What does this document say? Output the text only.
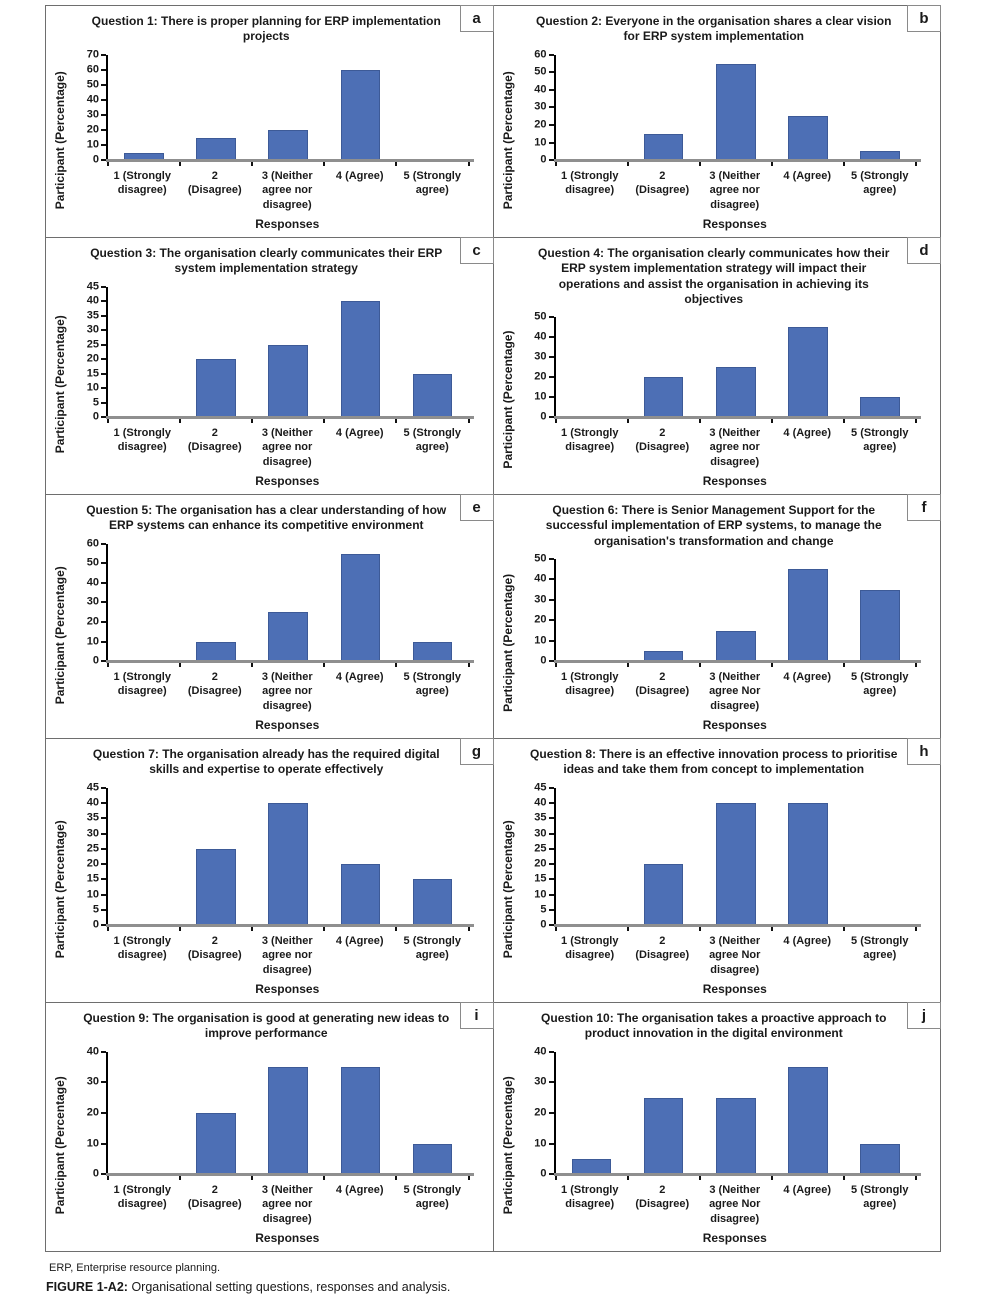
a
Question 1: There is proper planning for ERP implementation projects
Participant (Percentage) 0
10
20
30
40
50
60
70
1 (Strongly disagree)
2 (Disagree)
3 (Neither agree nor disagree)
4 (Agree)	5 (Strongly agree)
Responses
b
Question 2: Everyone in the organisation shares a clear vision for ERP system implementation
Participant (Percentage) 0
10
20
30
40
50
60
1 (Strongly disagree)
2 (Disagree)
3 (Neither agree nor disagree)
4 (Agree)	5 (Strongly agree)
Responses
c
Question 3: The organisation clearly communicates their ERP system implementation strategy
Participant (Percentage) 0
5
10
15
20
25
30
35
40
45
1 (Strongly disagree)
2 (Disagree)
3 (Neither agree nor disagree)
4 (Agree)	5 (Strongly agree)
Responses
d
Question 4: The organisation clearly communicates how their ERP system implementation strategy will impact their operations and assist the organisation in achieving its objectives
Participant (Percentage) 0
10
20
30
40
50
1 (Strongly disagree)
2 (Disagree)
3 (Neither agree nor disagree)
4 (Agree)	5 (Strongly agree)
Responses
e
Question 5: The organisation has a clear understanding of how ERP systems can enhance its competitive environment
Participant (Percentage) 0
10
20
30
40
50
60
1 (Strongly disagree)
2 (Disagree)
3 (Neither agree nor disagree)
4 (Agree)	5 (Strongly agree)
Responses
f
Question 6: There is Senior Management Support for the successful implementation of ERP systems, to manage the organisation's transformation and change
Participant (Percentage) 0
10
20
30
40
50
1 (Strongly disagree)
2 (Disagree)
3 (Neither agree Nor disagree)
4 (Agree)	5 (Strongly agree)
Responses
g
Question 7: The organisation already has the required digital skills and expertise to operate effectively
Participant (Percentage) 0
5
10
15
20
25
30
35
40
45
1 (Strongly disagree)
2 (Disagree)
3 (Neither agree nor disagree)
4 (Agree)	5 (Strongly agree)
Responses
h
Question 8: There is an effective innovation process to prioritise ideas and take them from concept to implementation
Participant (Percentage) 0
5
10
15
20
25
30
35
40
45
1 (Strongly disagree)
2 (Disagree)
3 (Neither agree Nor disagree)
4 (Agree)	5 (Strongly agree)
Responses
i
Question 9: The organisation is good at generating new ideas to improve performance
Participant (Percentage) 0
10
20
30
40
1 (Strongly disagree)
2 (Disagree)
3 (Neither agree nor disagree)
4 (Agree)	5 (Strongly agree)
Responses
j
Question 10: The organisation takes a proactive approach to product innovation in the digital environment
Participant (Percentage) 0
10
20
30
40
1 (Strongly disagree)
2 (Disagree)
3 (Neither agree Nor disagree)
4 (Agree)	5 (Strongly agree)
Responses
ERP, Enterprise resource planning.
FIGURE 1-A2: Organisational setting questions, responses and analysis.
